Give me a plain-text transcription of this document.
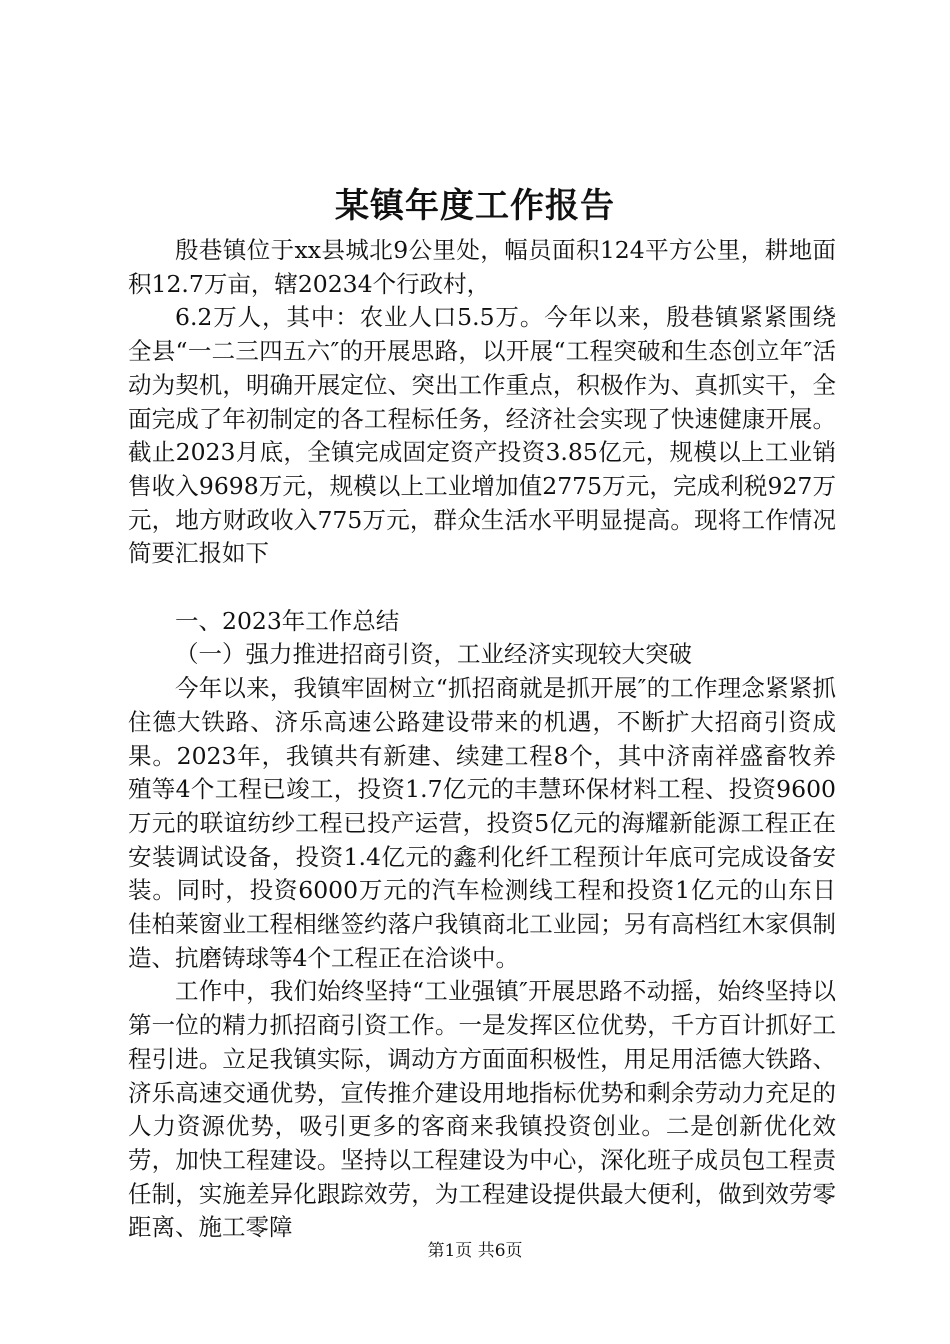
某镇年度工作报告

殷巷镇位于xx县城北9公里处，幅员面积124平方公里，耕地面积12.7万亩，辖20234个行政村，

6.2万人，其中：农业人口5.5万。今年以来，殷巷镇紧紧围绕全县“一二三四五六″的开展思路，以开展“工程突破和生态创立年″活动为契机，明确开展定位、突出工作重点，积极作为、真抓实干，全面完成了年初制定的各工程标任务，经济社会实现了快速健康开展。截止2023月底，全镇完成固定资产投资3.85亿元，规模以上工业销售收入9698万元，规模以上工业增加值2775万元，完成利税927万元，地方财政收入775万元，群众生活水平明显提高。现将工作情况简要汇报如下

一、2023年工作总结

（一）强力推进招商引资，工业经济实现较大突破

今年以来，我镇牢固树立“抓招商就是抓开展″的工作理念紧紧抓住德大铁路、济乐高速公路建设带来的机遇，不断扩大招商引资成果。2023年，我镇共有新建、续建工程8个，其中济南祥盛畜牧养殖等4个工程已竣工，投资1.7亿元的丰慧环保材料工程、投资9600万元的联谊纺纱工程已投产运营，投资5亿元的海耀新能源工程正在安装调试设备，投资1.4亿元的鑫利化纤工程预计年底可完成设备安装。同时，投资6000万元的汽车检测线工程和投资1亿元的山东日佳柏莱窗业工程相继签约落户我镇商北工业园；另有高档红木家俱制造、抗磨铸球等4个工程正在洽谈中。

工作中，我们始终坚持“工业强镇″开展思路不动摇，始终坚持以第一位的精力抓招商引资工作。一是发挥区位优势，千方百计抓好工程引进。立足我镇实际，调动方方面面积极性，用足用活德大铁路、济乐高速交通优势，宣传推介建设用地指标优势和剩余劳动力充足的人力资源优势，吸引更多的客商来我镇投资创业。二是创新优化效劳，加快工程建设。坚持以工程建设为中心，深化班子成员包工程责任制，实施差异化跟踪效劳，为工程建设提供最大便利，做到效劳零距离、施工零障

第1页 共6页
